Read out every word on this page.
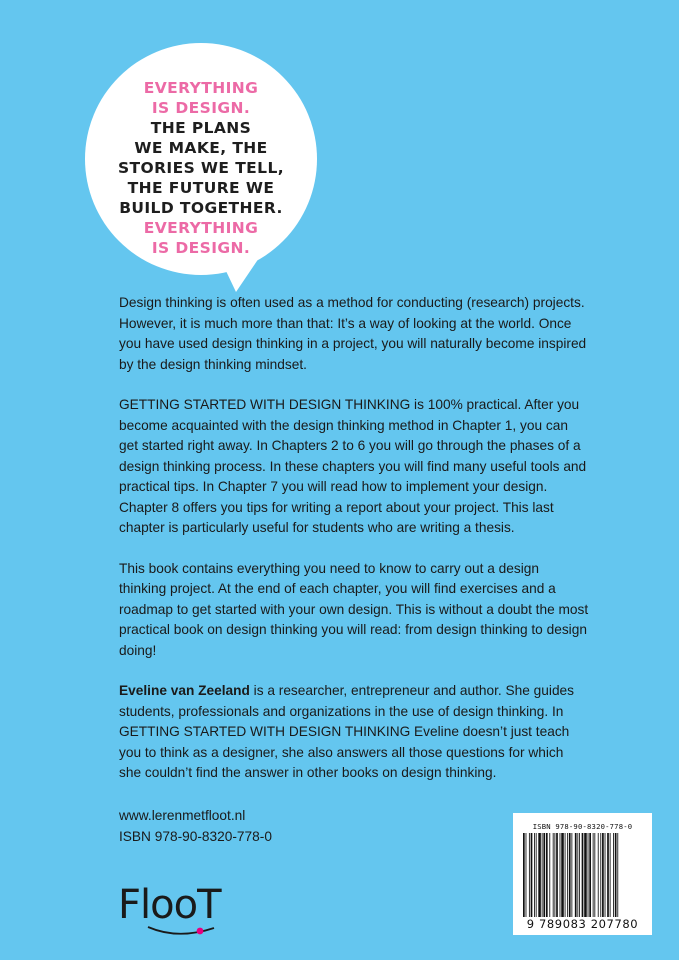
EVERYTHING
IS DESIGN.
THE PLANS
WE MAKE, THE
STORIES WE TELL,
THE FUTURE WE
BUILD TOGETHER.
EVERYTHING
IS DESIGN.

Design thinking is often used as a method for conducting (research) projects. However, it is much more than that: It’s a way of looking at the world. Once you have used design thinking in a project, you will naturally become inspired by the design thinking mindset.

GETTING STARTED WITH DESIGN THINKING is 100% practical. After you become acquainted with the design thinking method in Chapter 1, you can get started right away. In Chapters 2 to 6 you will go through the phases of a design thinking process. In these chapters you will find many useful tools and practical tips. In Chapter 7 you will read how to implement your design. Chapter 8 offers you tips for writing a report about your project. This last chapter is particularly useful for students who are writing a thesis.

This book contains everything you need to know to carry out a design thinking project. At the end of each chapter, you will find exercises and a roadmap to get started with your own design. This is without a doubt the most practical book on design thinking you will read: from design thinking to design doing!

Eveline van Zeeland is a researcher, entrepreneur and author. She guides students, professionals and organizations in the use of design thinking. In GETTING STARTED WITH DESIGN THINKING Eveline doesn’t just teach you to think as a designer, she also answers all those questions for which she couldn’t find the answer in other books on design thinking.

www.lerenmetfloot.nl
ISBN 978-90-8320-778-0
ISBN 978-90-8320-778-0
9 789083 207780
FlooT
